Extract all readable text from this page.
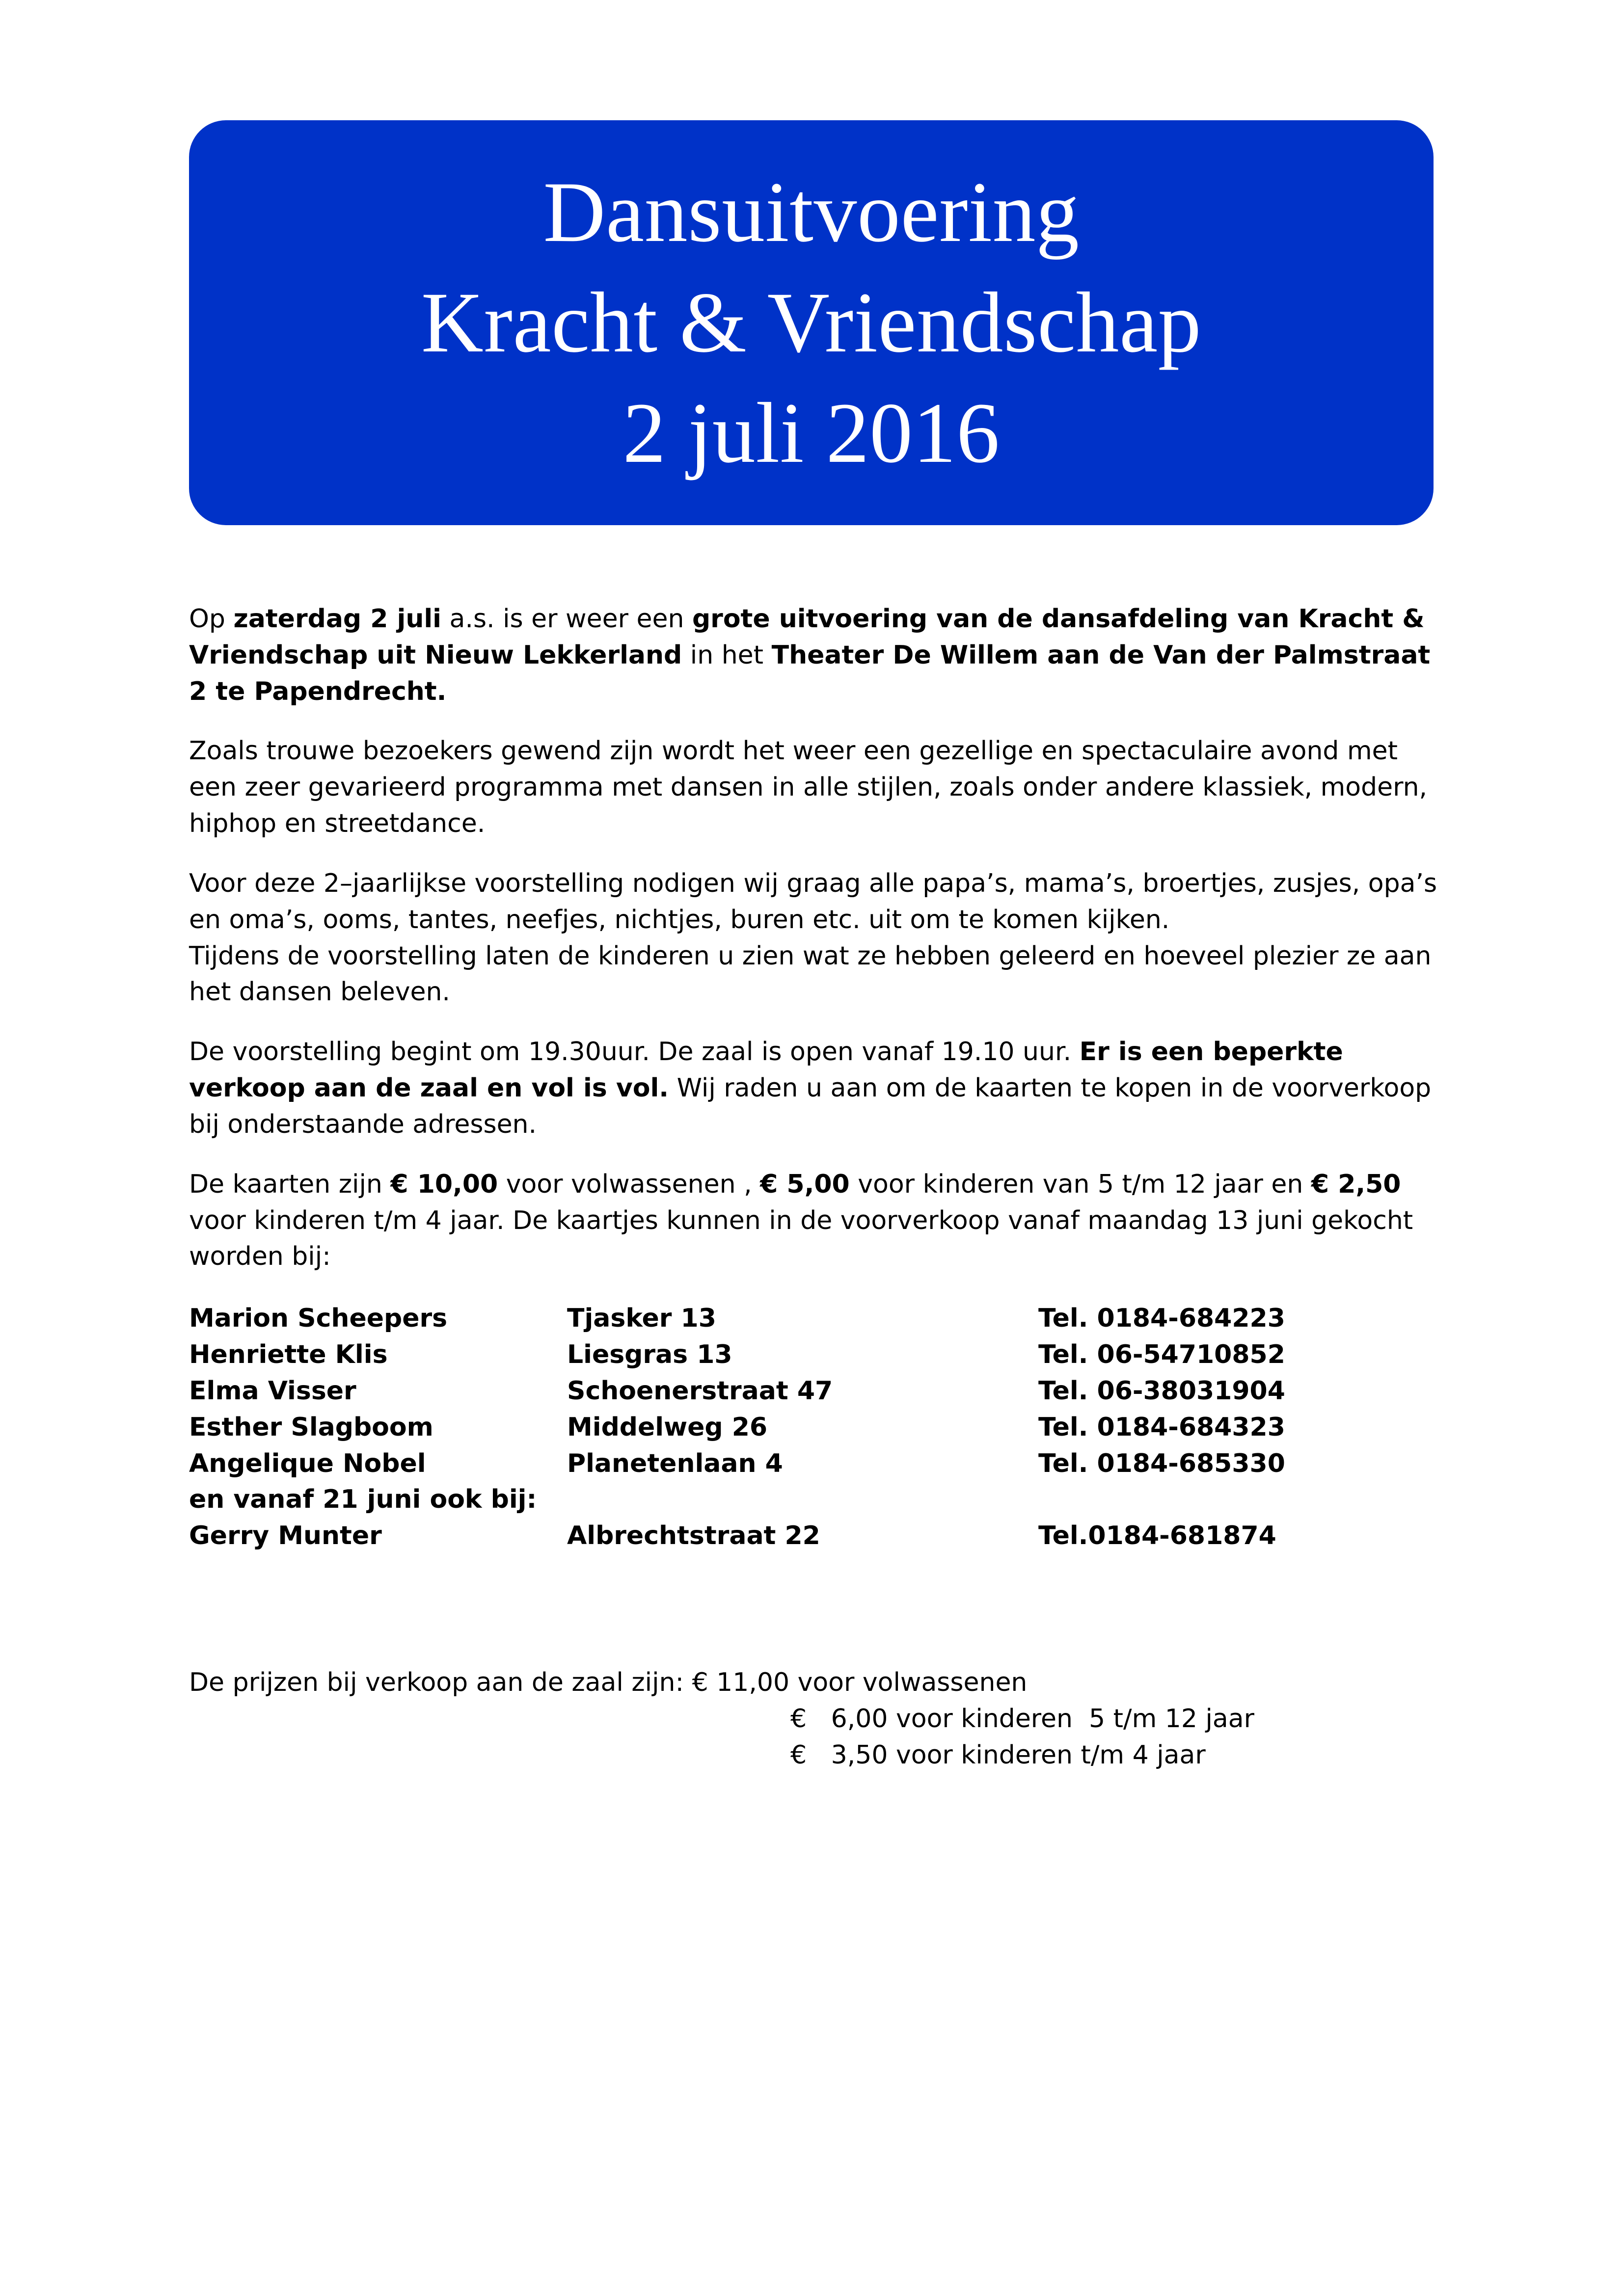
Dansuitvoering
Kracht & Vriendschap
2 juli 2016

Op zaterdag 2 juli a.s. is er weer een grote uitvoering van de dansafdeling van Kracht & Vriendschap uit Nieuw Lekkerland in het Theater De Willem aan de Van der Palmstraat 2 te Papendrecht.

Zoals trouwe bezoekers gewend zijn wordt het weer een gezellige en spectaculaire avond met een zeer gevarieerd programma met dansen in alle stijlen, zoals onder andere klassiek, modern, hiphop en streetdance.

Voor deze 2–jaarlijkse voorstelling nodigen wij graag alle papa’s, mama’s, broertjes, zusjes, opa’s en oma’s, ooms, tantes, neefjes, nichtjes, buren etc. uit om te komen kijken.

Tijdens de voorstelling laten de kinderen u zien wat ze hebben geleerd en hoeveel plezier ze aan het dansen beleven.

De voorstelling begint om 19.30uur. De zaal is open vanaf 19.10 uur. Er is een beperkte verkoop aan de zaal en vol is vol. Wij raden u aan om de kaarten te kopen in de voorverkoop bij onderstaande adressen.

De kaarten zijn € 10,00 voor volwassenen , € 5,00 voor kinderen van 5 t/m 12 jaar en € 2,50 voor kinderen t/m 4 jaar. De kaartjes kunnen in de voorverkoop vanaf maandag 13 juni gekocht worden bij:

Marion Scheepers	Tjasker 13	Tel. 0184-684223
Henriette Klis	Liesgras 13	Tel. 06-54710852
Elma Visser	Schoenerstraat 47	Tel. 06-38031904
Esther Slagboom	Middelweg 26	Tel. 0184-684323
Angelique Nobel	Planetenlaan 4	Tel. 0184-685330
en vanaf 21 juni ook bij:
Gerry Munter	Albrechtstraat 22	Tel.0184-681874
De prijzen bij verkoop aan de zaal zijn: € 11,00 voor volwassenen
€   6,00 voor kinderen  5 t/m 12 jaar
€   3,50 voor kinderen t/m 4 jaar
